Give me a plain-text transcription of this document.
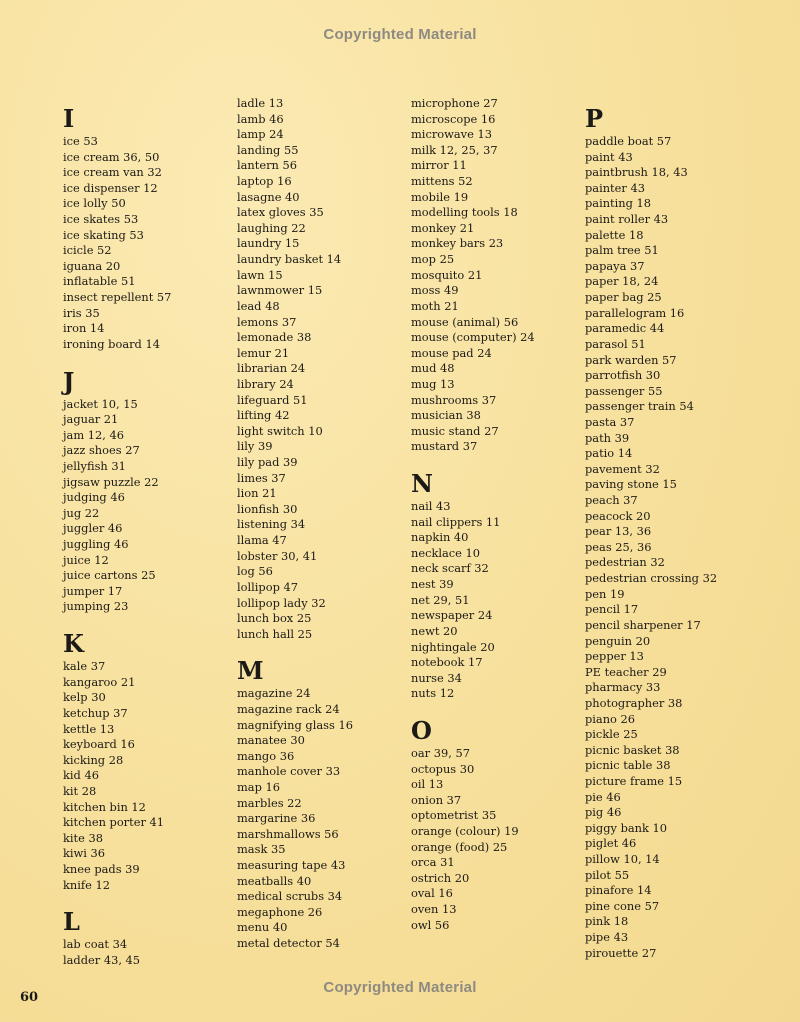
Copyrighted Material
I
ice 53
ice cream 36, 50
ice cream van 32
ice dispenser 12
ice lolly 50
ice skates 53
ice skating 53
icicle 52
iguana 20
inflatable 51
insect repellent 57
iris 35
iron 14
ironing board 14
J
jacket 10, 15
jaguar 21
jam 12, 46
jazz shoes 27
jellyfish 31
jigsaw puzzle 22
judging 46
jug 22
juggler 46
juggling 46
juice 12
juice cartons 25
jumper 17
jumping 23
K
kale 37
kangaroo 21
kelp 30
ketchup 37
kettle 13
keyboard 16
kicking 28
kid 46
kit 28
kitchen bin 12
kitchen porter 41
kite 38
kiwi 36
knee pads 39
knife 12
L
lab coat 34
ladder 43, 45
ladle 13
lamb 46
lamp 24
landing 55
lantern 56
laptop 16
lasagne 40
latex gloves 35
laughing 22
laundry 15
laundry basket 14
lawn 15
lawnmower 15
lead 48
lemons 37
lemonade 38
lemur 21
librarian 24
library 24
lifeguard 51
lifting 42
light switch 10
lily 39
lily pad 39
limes 37
lion 21
lionfish 30
listening 34
llama 47
lobster 30, 41
log 56
lollipop 47
lollipop lady 32
lunch box 25
lunch hall 25
M
magazine 24
magazine rack 24
magnifying glass 16
manatee 30
mango 36
manhole cover 33
map 16
marbles 22
margarine 36
marshmallows 56
mask 35
measuring tape 43
meatballs 40
medical scrubs 34
megaphone 26
menu 40
metal detector 54
microphone 27
microscope 16
microwave 13
milk 12, 25, 37
mirror 11
mittens 52
mobile 19
modelling tools 18
monkey 21
monkey bars 23
mop 25
mosquito 21
moss 49
moth 21
mouse (animal) 56
mouse (computer) 24
mouse pad 24
mud 48
mug 13
mushrooms 37
musician 38
music stand 27
mustard 37
N
nail 43
nail clippers 11
napkin 40
necklace 10
neck scarf 32
nest 39
net 29, 51
newspaper 24
newt 20
nightingale 20
notebook 17
nurse 34
nuts 12
O
oar 39, 57
octopus 30
oil 13
onion 37
optometrist 35
orange (colour) 19
orange (food) 25
orca 31
ostrich 20
oval 16
oven 13
owl 56
P
paddle boat 57
paint 43
paintbrush 18, 43
painter 43
painting 18
paint roller 43
palette 18
palm tree 51
papaya 37
paper 18, 24
paper bag 25
parallelogram 16
paramedic 44
parasol 51
park warden 57
parrotfish 30
passenger 55
passenger train 54
pasta 37
path 39
patio 14
pavement 32
paving stone 15
peach 37
peacock 20
pear 13, 36
peas 25, 36
pedestrian 32
pedestrian crossing 32
pen 19
pencil 17
pencil sharpener 17
penguin 20
pepper 13
PE teacher 29
pharmacy 33
photographer 38
piano 26
pickle 25
picnic basket 38
picnic table 38
picture frame 15
pie 46
pig 46
piggy bank 10
piglet 46
pillow 10, 14
pilot 55
pinafore 14
pine cone 57
pink 18
pipe 43
pirouette 27
60
Copyrighted Material
